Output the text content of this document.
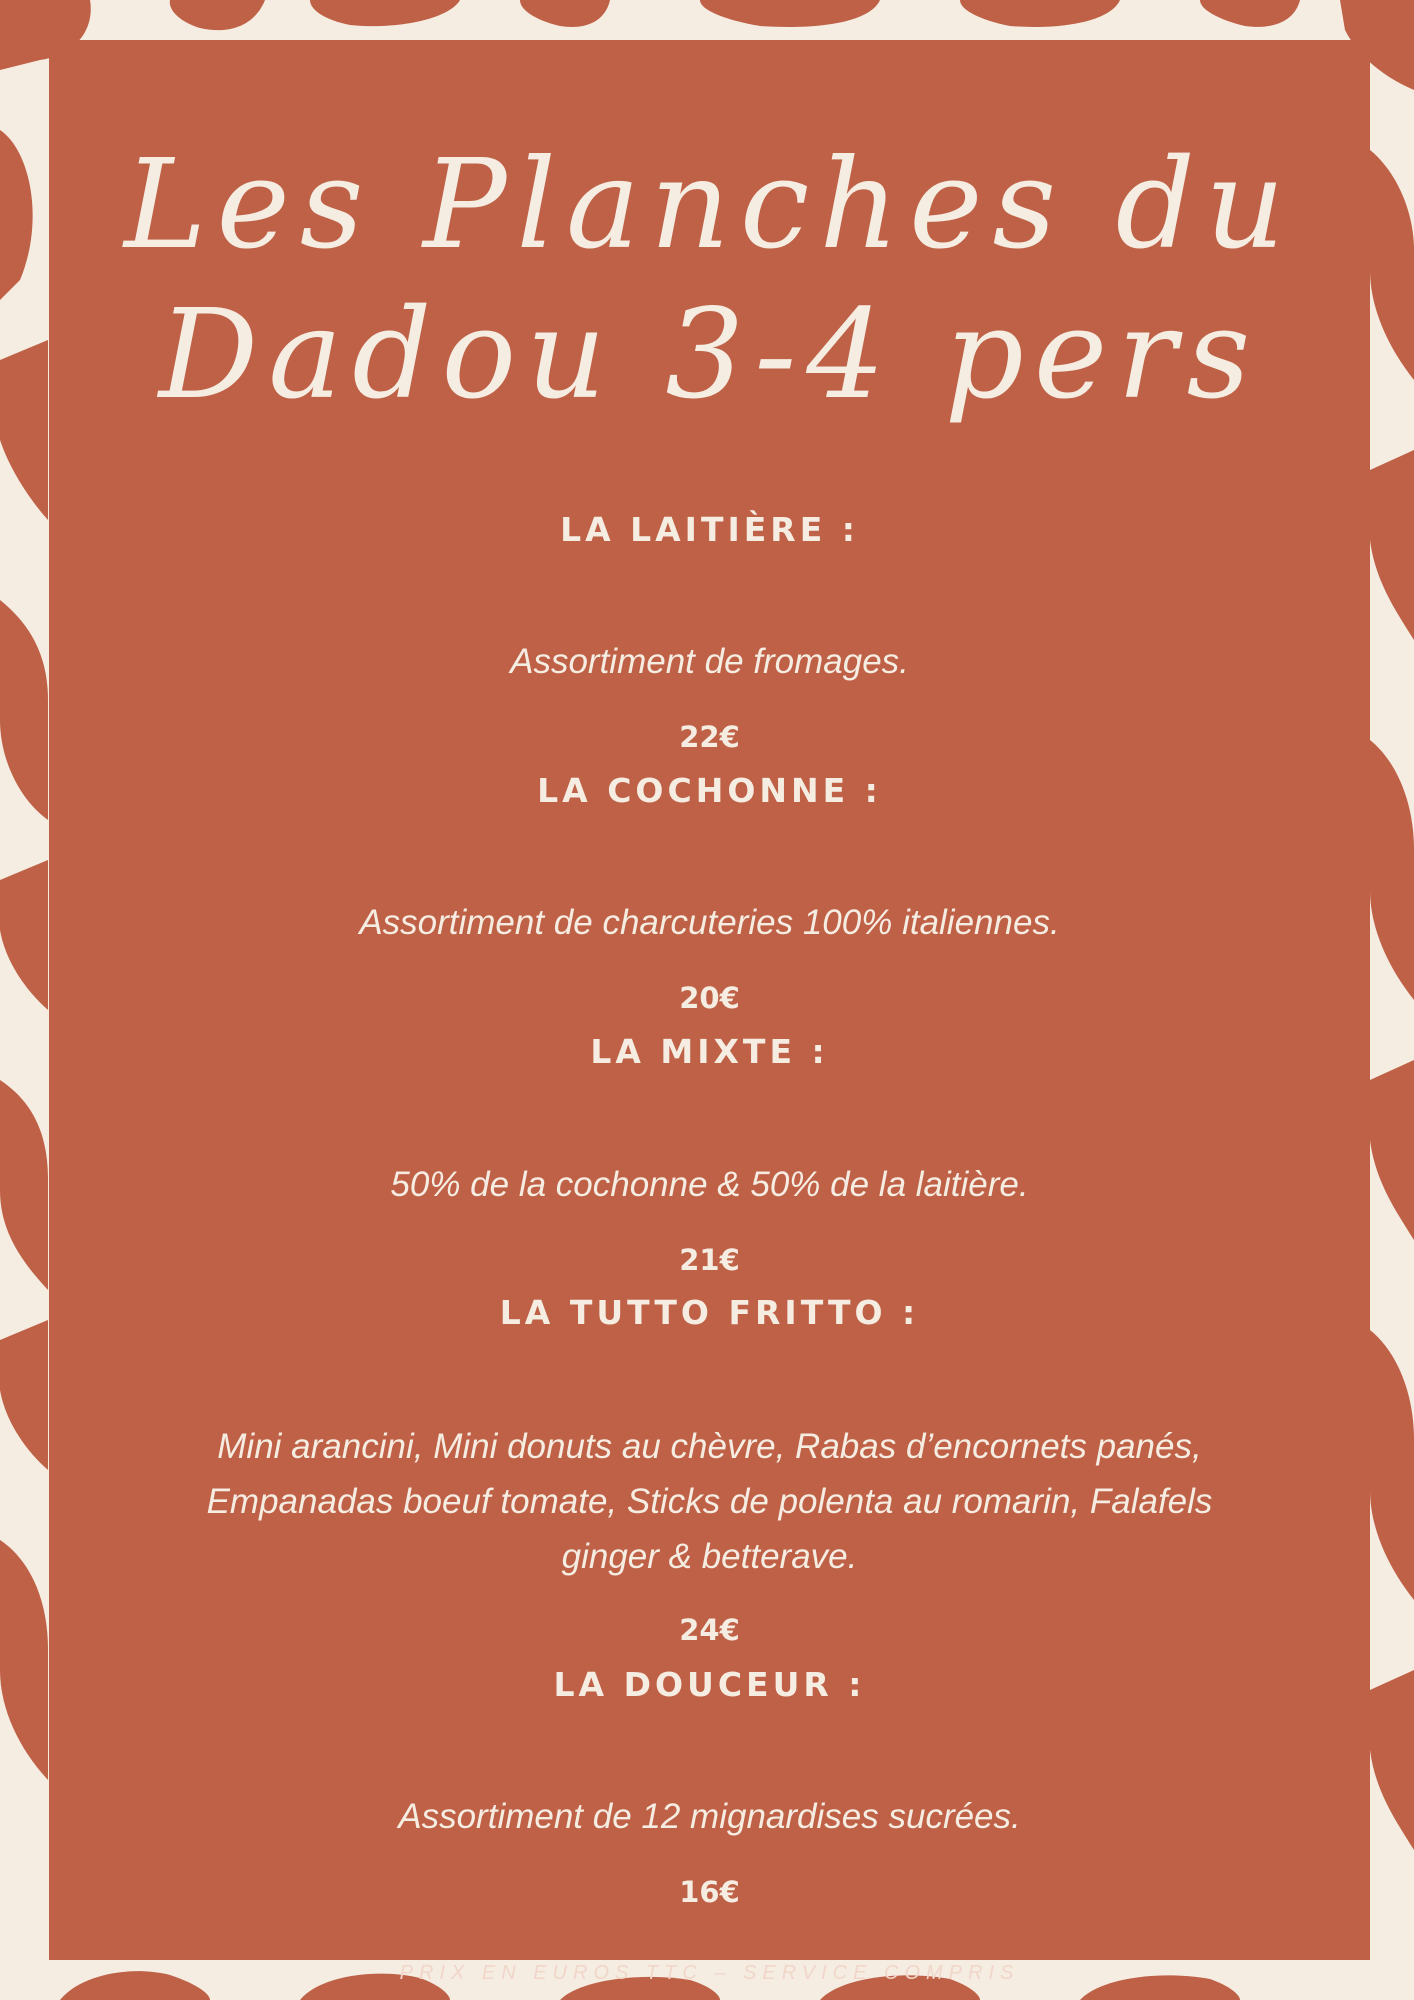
Les Planches du
Dadou 3-4 pers
LA LAITIÈRE :

Assortiment de fromages.

22€

LA COCHONNE :

Assortiment de charcuteries 100% italiennes.

20€

LA MIXTE :

50% de la cochonne & 50% de la laitière.

21€

LA TUTTO FRITTO :

Mini arancini, Mini donuts au chèvre, Rabas d’encornets panés, Empanadas boeuf tomate, Sticks de polenta au romarin, Falafels ginger & betterave.

24€

LA DOUCEUR :

Assortiment de 12 mignardises sucrées.

16€

PRIX EN EUROS TTC – SERVICE COMPRIS
